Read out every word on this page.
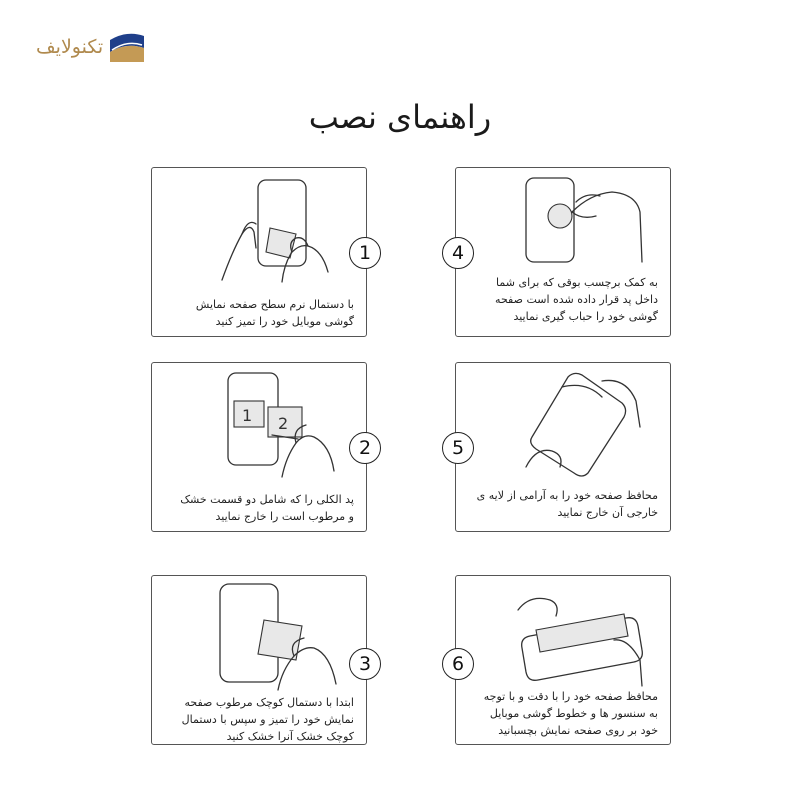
تکنولایف
راهنمای نصب
1
با دستمال نرم سطح صفحه نمایش
گوشی موبایل خود را تمیز کنید
1 2
2
پد الکلی را که شامل دو قسمت خشک
و مرطوب است را خارج نمایید
3
ابتدا با دستمال کوچک مرطوب صفحه
نمایش خود را تمیز و سپس با دستمال
کوچک خشک آنرا خشک کنید
4
به کمک برچسب بوقی که برای شما
داخل پد قرار داده شده است صفحه
گوشی خود را حباب گیری نمایید
5
محافظ صفحه خود را به آرامی از لایه ی
خارجی آن خارج نمایید
6
محافظ صفحه خود را با دقت و با توجه
به سنسور ها و خطوط گوشی موبایل
خود بر روی صفحه نمایش بچسبانید
